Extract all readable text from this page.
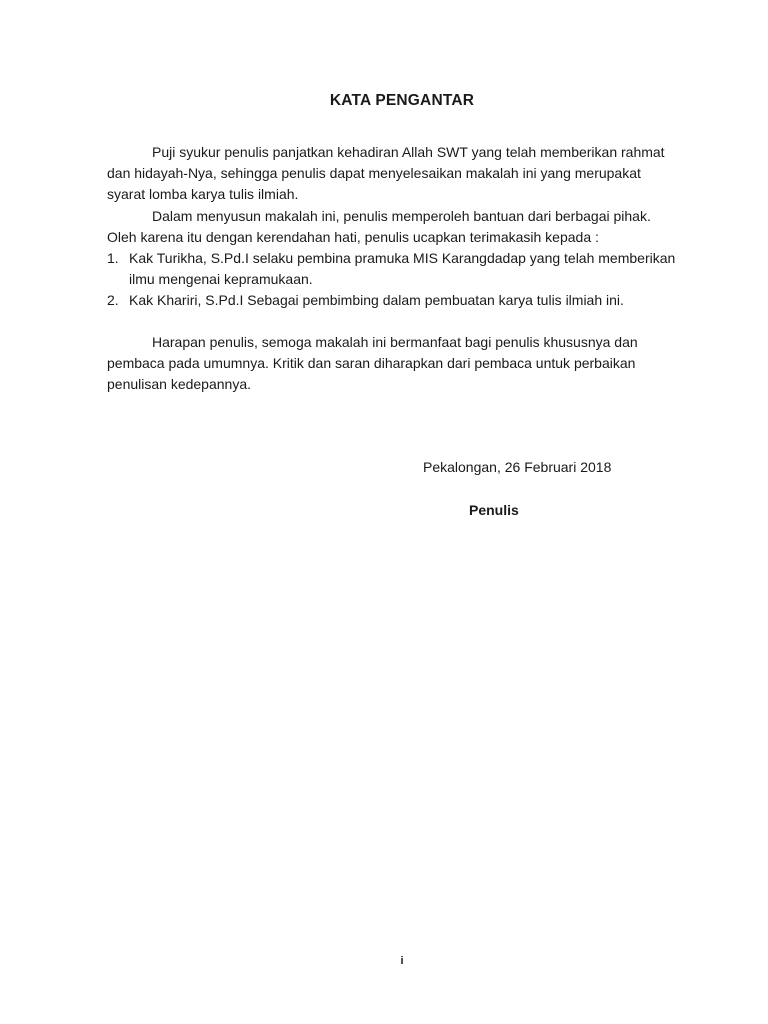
KATA PENGANTAR

Puji syukur penulis panjatkan kehadiran Allah SWT yang telah memberikan rahmat dan hidayah-Nya, sehingga penulis dapat menyelesaikan makalah ini yang merupakat syarat lomba karya tulis ilmiah.

Dalam menyusun makalah ini, penulis memperoleh bantuan dari berbagai pihak. Oleh karena itu dengan kerendahan hati, penulis ucapkan terimakasih kepada :

1. Kak Turikha, S.Pd.I selaku pembina pramuka MIS Karangdadap yang telah memberikan ilmu mengenai kepramukaan.
2. Kak Khariri, S.Pd.I Sebagai pembimbing dalam pembuatan karya tulis ilmiah ini.

Harapan penulis, semoga makalah ini bermanfaat bagi penulis khususnya dan pembaca pada umumnya. Kritik dan saran diharapkan dari pembaca untuk perbaikan penulisan kedepannya.

Pekalongan, 26 Februari 2018
Penulis
i
